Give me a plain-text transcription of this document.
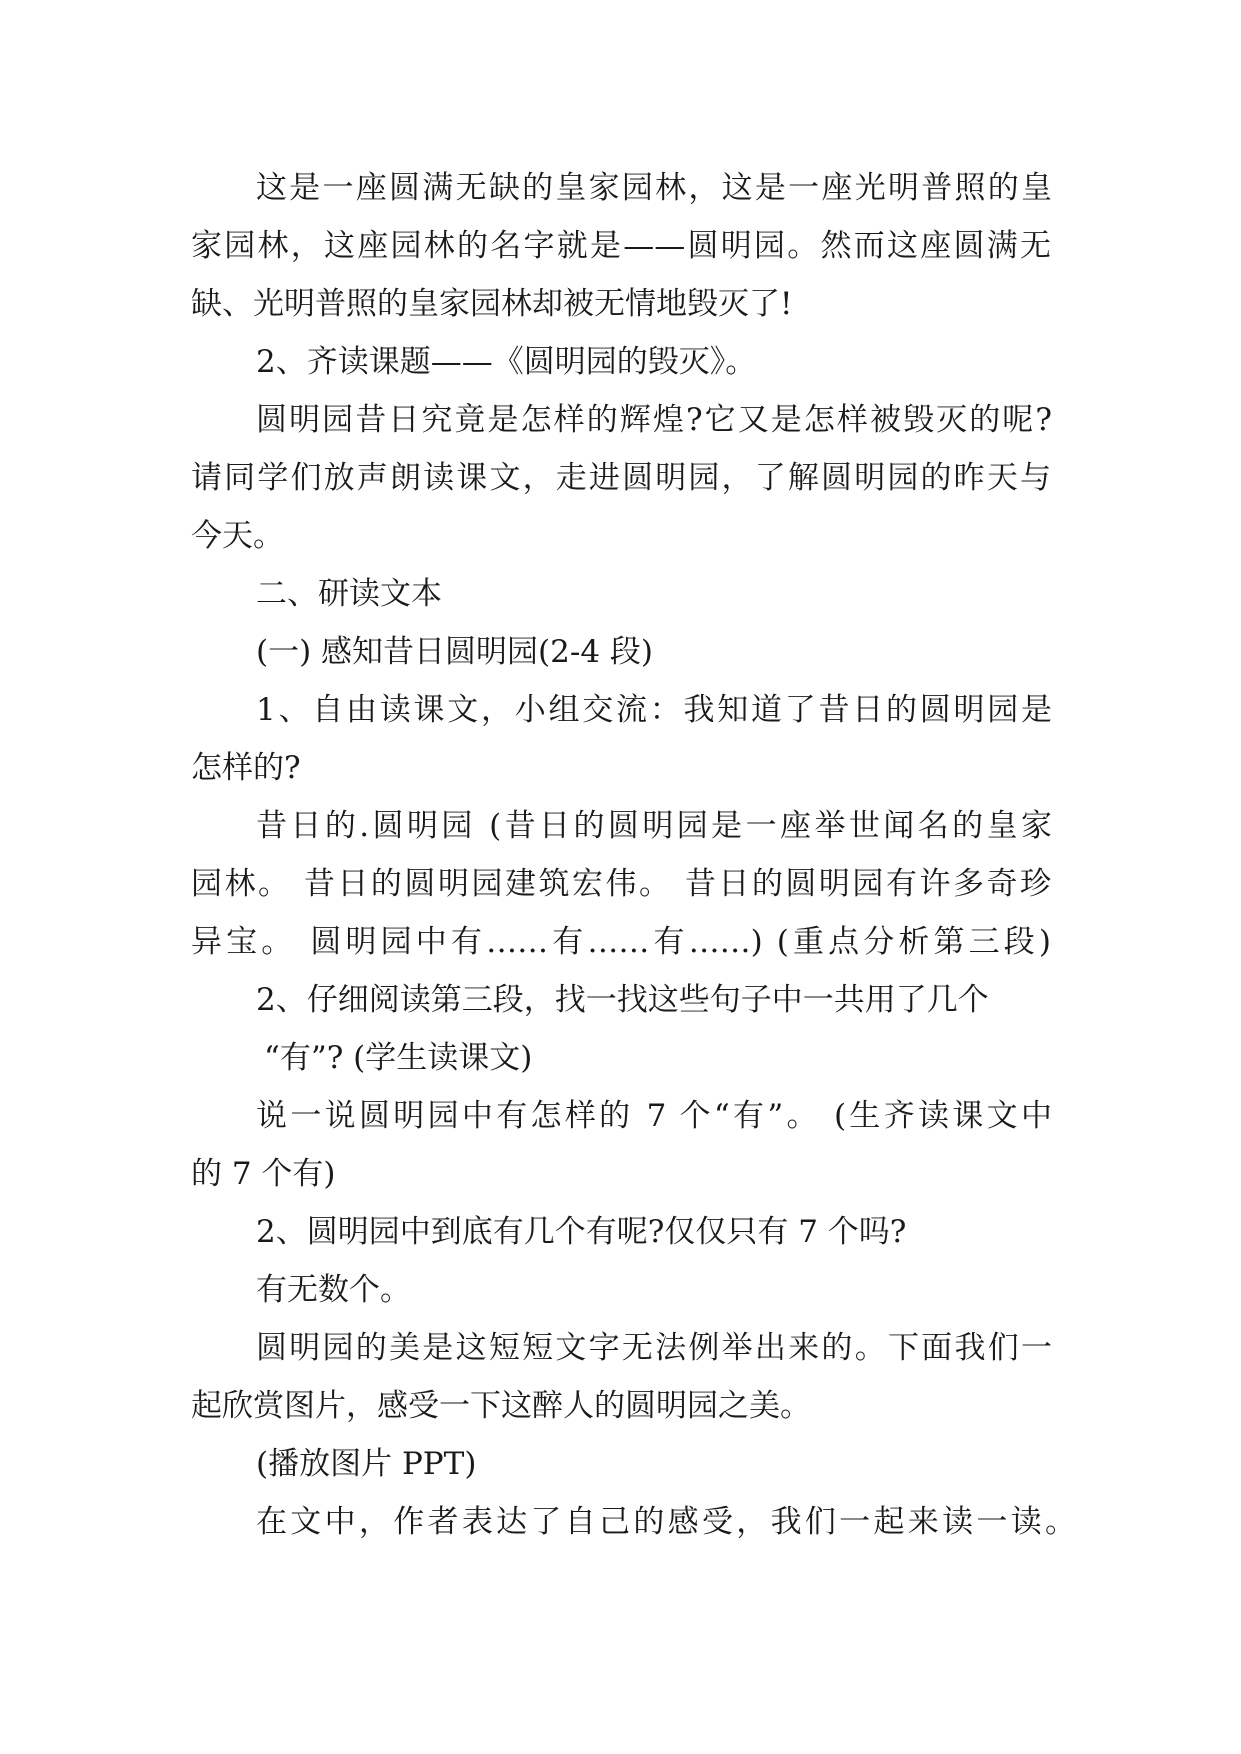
这是一座圆满无缺的皇家园林，这是一座光明普照的皇
家园林，这座园林的名字就是——圆明园。然而这座圆满无
缺、光明普照的皇家园林却被无情地毁灭了!
2、齐读课题——《圆明园的毁灭》。
圆明园昔日究竟是怎样的辉煌?它又是怎样被毁灭的呢?
请同学们放声朗读课文，走进圆明园，了解圆明园的昨天与
今天。
二、研读文本
(一) 感知昔日圆明园(2-4 段)
1、自由读课文，小组交流：我知道了昔日的圆明园是
怎样的?
昔日的.圆明园 (昔日的圆明园是一座举世闻名的皇家
园林。 昔日的圆明园建筑宏伟。 昔日的圆明园有许多奇珍
异宝。 圆明园中有……有……有……) (重点分析第三段)
2、仔细阅读第三段，找一找这些句子中一共用了几个
“有”? (学生读课文)
说一说圆明园中有怎样的 7 个“有”。 (生齐读课文中
的 7 个有)
2、圆明园中到底有几个有呢?仅仅只有 7 个吗?
有无数个。
圆明园的美是这短短文字无法例举出来的。下面我们一
起欣赏图片，感受一下这醉人的圆明园之美。
(播放图片 PPT)
在文中，作者表达了自己的感受，我们一起来读一读。
